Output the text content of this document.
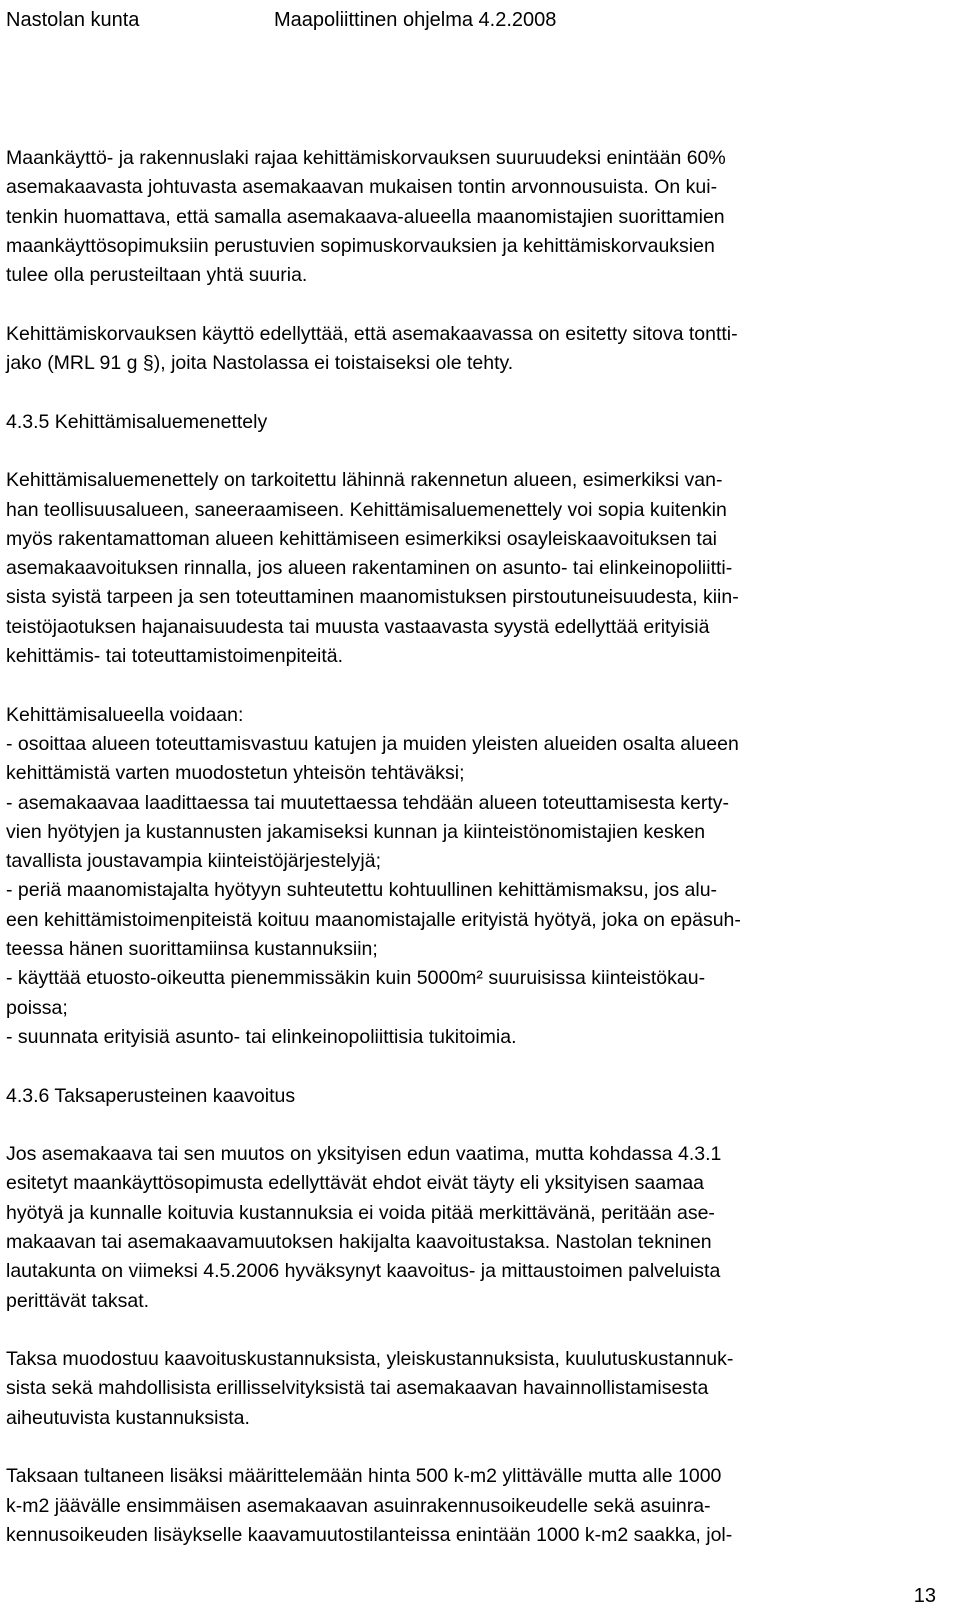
Nastolan kunta	Maapoliittinen ohjelma 4.2.2008
Maankäyttö- ja rakennuslaki rajaa kehittämiskorvauksen suuruudeksi enintään 60%
asemakaavasta johtuvasta asemakaavan mukaisen tontin arvonnousuista. On kui-
tenkin huomattava, että samalla asemakaava-alueella maanomistajien suorittamien
maankäyttösopimuksiin perustuvien sopimuskorvauksien ja kehittämiskorvauksien
tulee olla perusteiltaan yhtä suuria.
Kehittämiskorvauksen käyttö edellyttää, että asemakaavassa on esitetty sitova tontti-
jako (MRL 91 g §), joita Nastolassa ei toistaiseksi ole tehty.
4.3.5 Kehittämisaluemenettely
Kehittämisaluemenettely on tarkoitettu lähinnä rakennetun alueen, esimerkiksi van-
han teollisuusalueen, saneeraamiseen. Kehittämisaluemenettely voi sopia kuitenkin
myös rakentamattoman alueen kehittämiseen esimerkiksi osayleiskaavoituksen tai
asemakaavoituksen rinnalla, jos alueen rakentaminen on asunto- tai elinkeinopoliitti-
sista syistä tarpeen ja sen toteuttaminen maanomistuksen pirstoutuneisuudesta, kiin-
teistöjaotuksen hajanaisuudesta tai muusta vastaavasta syystä edellyttää erityisiä
kehittämis- tai toteuttamistoimenpiteitä.
Kehittämisalueella voidaan:
- osoittaa alueen toteuttamisvastuu katujen ja muiden yleisten alueiden osalta alueen
kehittämistä varten muodostetun yhteisön tehtäväksi;
- asemakaavaa laadittaessa tai muutettaessa tehdään alueen toteuttamisesta kerty-
vien hyötyjen ja kustannusten jakamiseksi kunnan ja kiinteistönomistajien kesken
tavallista joustavampia kiinteistöjärjestelyjä;
- periä maanomistajalta hyötyyn suhteutettu kohtuullinen kehittämismaksu, jos alu-
een kehittämistoimenpiteistä koituu maanomistajalle erityistä hyötyä, joka on epäsuh-
teessa hänen suorittamiinsa kustannuksiin;
- käyttää etuosto-oikeutta pienemmissäkin kuin 5000m² suuruisissa kiinteistökau-
poissa;
- suunnata erityisiä asunto- tai elinkeinopoliittisia tukitoimia.
4.3.6 Taksaperusteinen kaavoitus
Jos asemakaava tai sen muutos on yksityisen edun vaatima, mutta kohdassa 4.3.1
esitetyt maankäyttösopimusta edellyttävät ehdot eivät täyty eli yksityisen saamaa
hyötyä ja kunnalle koituvia kustannuksia ei voida pitää merkittävänä, peritään ase-
makaavan tai asemakaavamuutoksen hakijalta kaavoitustaksa. Nastolan tekninen
lautakunta on viimeksi 4.5.2006 hyväksynyt kaavoitus- ja mittaustoimen palveluista
perittävät taksat.
Taksa muodostuu kaavoituskustannuksista, yleiskustannuksista, kuulutuskustannuk-
sista sekä mahdollisista erillisselvityksistä tai asemakaavan havainnollistamisesta
aiheutuvista kustannuksista.
Taksaan tultaneen lisäksi määrittelemään hinta 500 k-m2 ylittävälle mutta alle 1000
k-m2 jäävälle ensimmäisen asemakaavan asuinrakennusoikeudelle sekä asuinra-
kennusoikeuden lisäykselle kaavamuutostilanteissa enintään 1000 k-m2 saakka, jol-
13
